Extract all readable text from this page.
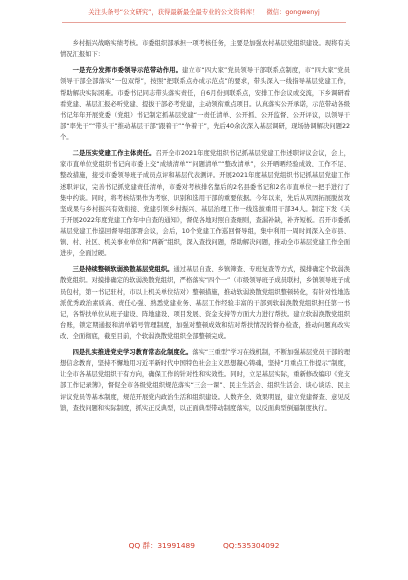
关注头条号“公文研究”，获得最新最全最专业的公文资料库！ 微信：gongwenyj

乡村振兴战略实绩考核。市委组织部承担一项考核任务，主要是加强农村基层党组织建设。现将有关情况汇报如下：

一是充分发挥市委领导示范带动作用。建立市“四大家”党员领导干部联系点制度，市“四大家”党员领导干部全部落实“一包双帮”，按照“把联系点办成示范点”的要求，带头深入一线指导基层党建工作，帮助解决实际困难。市委书记同志带头落实责任，自6月份到联系点，安排工作会议或交流，下乡调研看看党建、基层汇报必听党建、提拔干部必考党建，主动领衔重点项目。认真落实公开承诺，示范带动各级书记年年开展党委（党组）书记制定抓基层党建“一责任清单、公开抓、公开监督、公开评议，以领导干部“率先干”“带头干”推动基层干部“跟着干”“争着干”，先后40余次深入基层调研，现场协调解决问题22个。

二是压实党建工作主体责任。召开全市2021年度党组织书记抓基层党建工作述职评议会议，会上，家市直单位党组织书记向市委上交“成绩清单”“问题清单”“整改清单”，公开晒晒经验成效、工作不足、整改措施，接受市委领导班子成员点评和基层代表测评。开展2021年度基层党组织书记抓基层党建工作述职评议，完善书记抓党建责任清单，市委对考核排名靠后的2名县委书记和2名市直单位一把手进行了集中约谈。同时，将考核结果作为考察、识别和选用干部的重要依据。今年以来，先后从巩固拓展脱贫攻坚成果与乡村振兴有效衔接、党建引领乡村振兴、基层治理工作一线选拔重用干部34人。制定下发《关于开展2022年度党建工作年中自查的通知》，督促各地对照自查细则，查漏补缺，补齐短板。召开市委抓基层党建工作巡回督导组部署会议，会后，10个党建工作巡回督导组，集中利用一周时间深入全市县、镇、村、社区、机关事业单位和“两新”组织，深入查找问题，帮助解决问题，推动全市基层党建工作全面进步，全面过硬。

三是持续整顿软弱涣散基层党组织。通过基层自查、乡镇筛查、专班复查等方式，摸排确定个软弱涣散党组织。对摸排确定的软弱涣散党组织，严格落实“四个一”（市级领导班子成员联村，乡镇领导班子成员包村，第一书记驻村，市以上机关单位结对）整顿措施，推动软弱涣散党组织整顿转化，有针对性地选派优秀政治素质高、责任心强、熟悉党建业务、基层工作经验丰富的干部到软弱涣散党组织担任第一书记，各帮扶单位从班子建设、阵地建设、项目发展、资金支持等方面大力进行帮扶。建立软弱涣散党组织台账，锁定期通报和清单销号管理制度，加强对整顿成效和结对帮扶情况的督办检查，推动问题真改实改、全面彻底，截至目前，个软弱涣散党组织全部整顿完成。

四是扎实推进党史学习教育常态化制度化。落实“三重型”学习在线机制，不断加强基层党员干部的理想信念教育，坚持不懈地用习近平新时代中国特色社会主义思想凝心铸魂，坚持“月重点工作提示”制度，让全市各基层党组织干有方向，确保工作的针对性和实效性。同时，立足基层实际，重新修改编印《党支部工作记录簿》，督促全市各级党组织规范落实“三会一课”、民主生活会、组织生活会、谈心谈话、民主评议党员等基本制度，规范开展党内政治生活和组织建设。人数齐全、效果明显，建立党建督查、意见反馈，查找问题和实际制度，抓实正反典型，以正面典型带动制度落实，以反面典型倒逼制度执行。

QQ 群：31991489	QQ:535304092
